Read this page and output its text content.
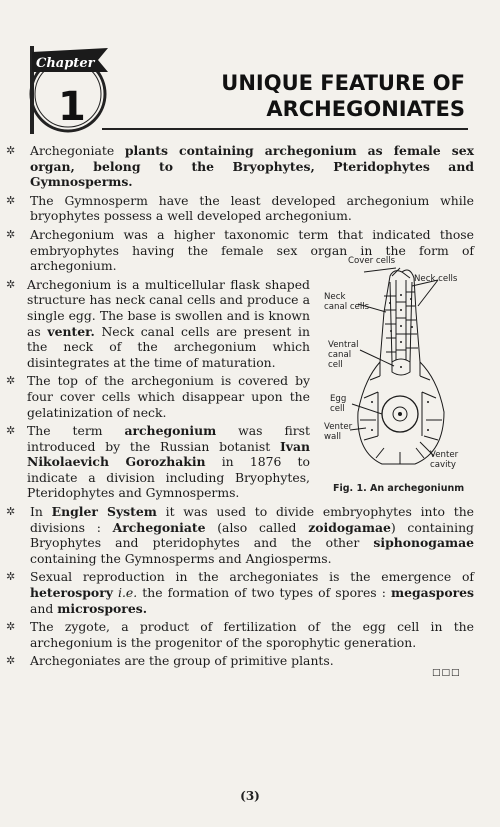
Chapter
1
UNIQUE FEATURE OF
ARCHEGONIATES
✲ Archegoniate plants containing archegonium as female sex organ, belong to the Bryophytes, Pteridophytes and Gymnosperms.
✲ The Gymnosperm have the least developed archegonium while bryophytes possess a well developed archegonium.
✲ Archegonium was a higher taxonomic term that indicated those embryophytes having the female sex organ in the form of archegonium.
✲ Archegonium is a multicellular flask shaped structure has neck canal cells and produce a single egg. The base is swollen and is known as venter. Neck canal cells are present in the neck of the archegonium which disintegrates at the time of maturation.
✲ The top of the archegonium is covered by four cover cells which disappear upon the gelatinization of neck.
✲ The term archegonium was first introduced by the Russian botanist Ivan Nikolaevich Gorozhakin in 1876 to indicate a division including Bryophytes, Pteridophytes and Gymnosperms.
✲ In Engler System it was used to divide embryophytes into the divisions : Archegoniate (also called zoidogamae) containing Bryophytes and pteridophytes and the other siphonogamae containing the Gymnosperms and Angiosperms.
✲ Sexual reproduction in the archegoniates is the emergence of heterospory i.e. the formation of two types of spores : megaspores and microspores.
✲ The zygote, a product of fertilization of the egg cell in the archegonium is the progenitor of the sporophytic generation.
✲ Archegoniates are the group of primitive plants.
Cover cells
Neck cells
Neck canal cells
Ventral canal cell
Egg cell
Venter wall
Venter cavity
Fig. 1. An archegoniunm
□□□
(3)
